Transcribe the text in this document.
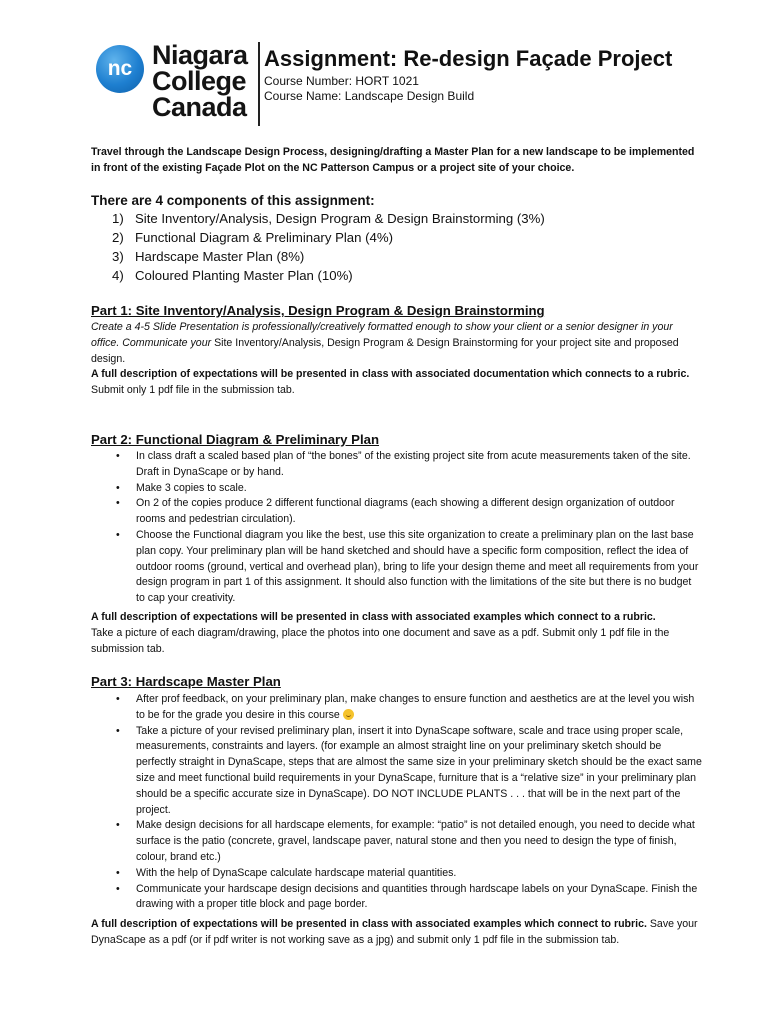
nc Niagara
College
Canada
Assignment: Re-design Façade Project
Course Number: HORT 1021
Course Name: Landscape Design Build
Travel through the Landscape Design Process, designing/drafting a Master Plan for a new landscape to be implemented in front of the existing Façade Plot on the NC Patterson Campus or a project site of your choice.
There are 4 components of this assignment:
1) Site Inventory/Analysis, Design Program & Design Brainstorming (3%)
2) Functional Diagram & Preliminary Plan (4%)
3) Hardscape Master Plan (8%)
4) Coloured Planting Master Plan (10%)
Part 1: Site Inventory/Analysis, Design Program & Design Brainstorming
Create a 4-5 Slide Presentation is professionally/creatively formatted enough to show your client or a senior designer in your office. Communicate your Site Inventory/Analysis, Design Program & Design Brainstorming for your project site and proposed design.
A full description of expectations will be presented in class with associated documentation which connects to a rubric. Submit only 1 pdf file in the submission tab.
Part 2: Functional Diagram & Preliminary Plan
• In class draft a scaled based plan of “the bones” of the existing project site from acute measurements taken of the site. Draft in DynaScape or by hand.
• Make 3 copies to scale.
• On 2 of the copies produce 2 different functional diagrams (each showing a different design organization of outdoor rooms and pedestrian circulation).
• Choose the Functional diagram you like the best, use this site organization to create a preliminary plan on the last base plan copy. Your preliminary plan will be hand sketched and should have a specific form composition, reflect the idea of outdoor rooms (ground, vertical and overhead plan), bring to life your design theme and meet all requirements from your design program in part 1 of this assignment. It should also function with the limitations of the site but there is no budget to cap your creativity.
A full description of expectations will be presented in class with associated examples which connect to a rubric.
Take a picture of each diagram/drawing, place the photos into one document and save as a pdf. Submit only 1 pdf file in the submission tab.
Part 3: Hardscape Master Plan
• After prof feedback, on your preliminary plan, make changes to ensure function and aesthetics are at the level you wish to be for the grade you desire in this course
• Take a picture of your revised preliminary plan, insert it into DynaScape software, scale and trace using proper scale, measurements, constraints and layers. (for example an almost straight line on your preliminary sketch should be perfectly straight in DynaScape, steps that are almost the same size in your preliminary sketch should be the exact same size and meet functional build requirements in your DynaScape, furniture that is a “relative size” in your preliminary plan should be a specific accurate size in DynaScape). DO NOT INCLUDE PLANTS . . . that will be in the next part of the project.
• Make design decisions for all hardscape elements, for example: “patio” is not detailed enough, you need to decide what surface is the patio (concrete, gravel, landscape paver, natural stone and then you need to design the type of finish, colour, brand etc.)
• With the help of DynaScape calculate hardscape material quantities.
• Communicate your hardscape design decisions and quantities through hardscape labels on your DynaScape. Finish the drawing with a proper title block and page border.
A full description of expectations will be presented in class with associated examples which connect to rubric. Save your DynaScape as a pdf (or if pdf writer is not working save as a jpg) and submit only 1 pdf file in the submission tab.
